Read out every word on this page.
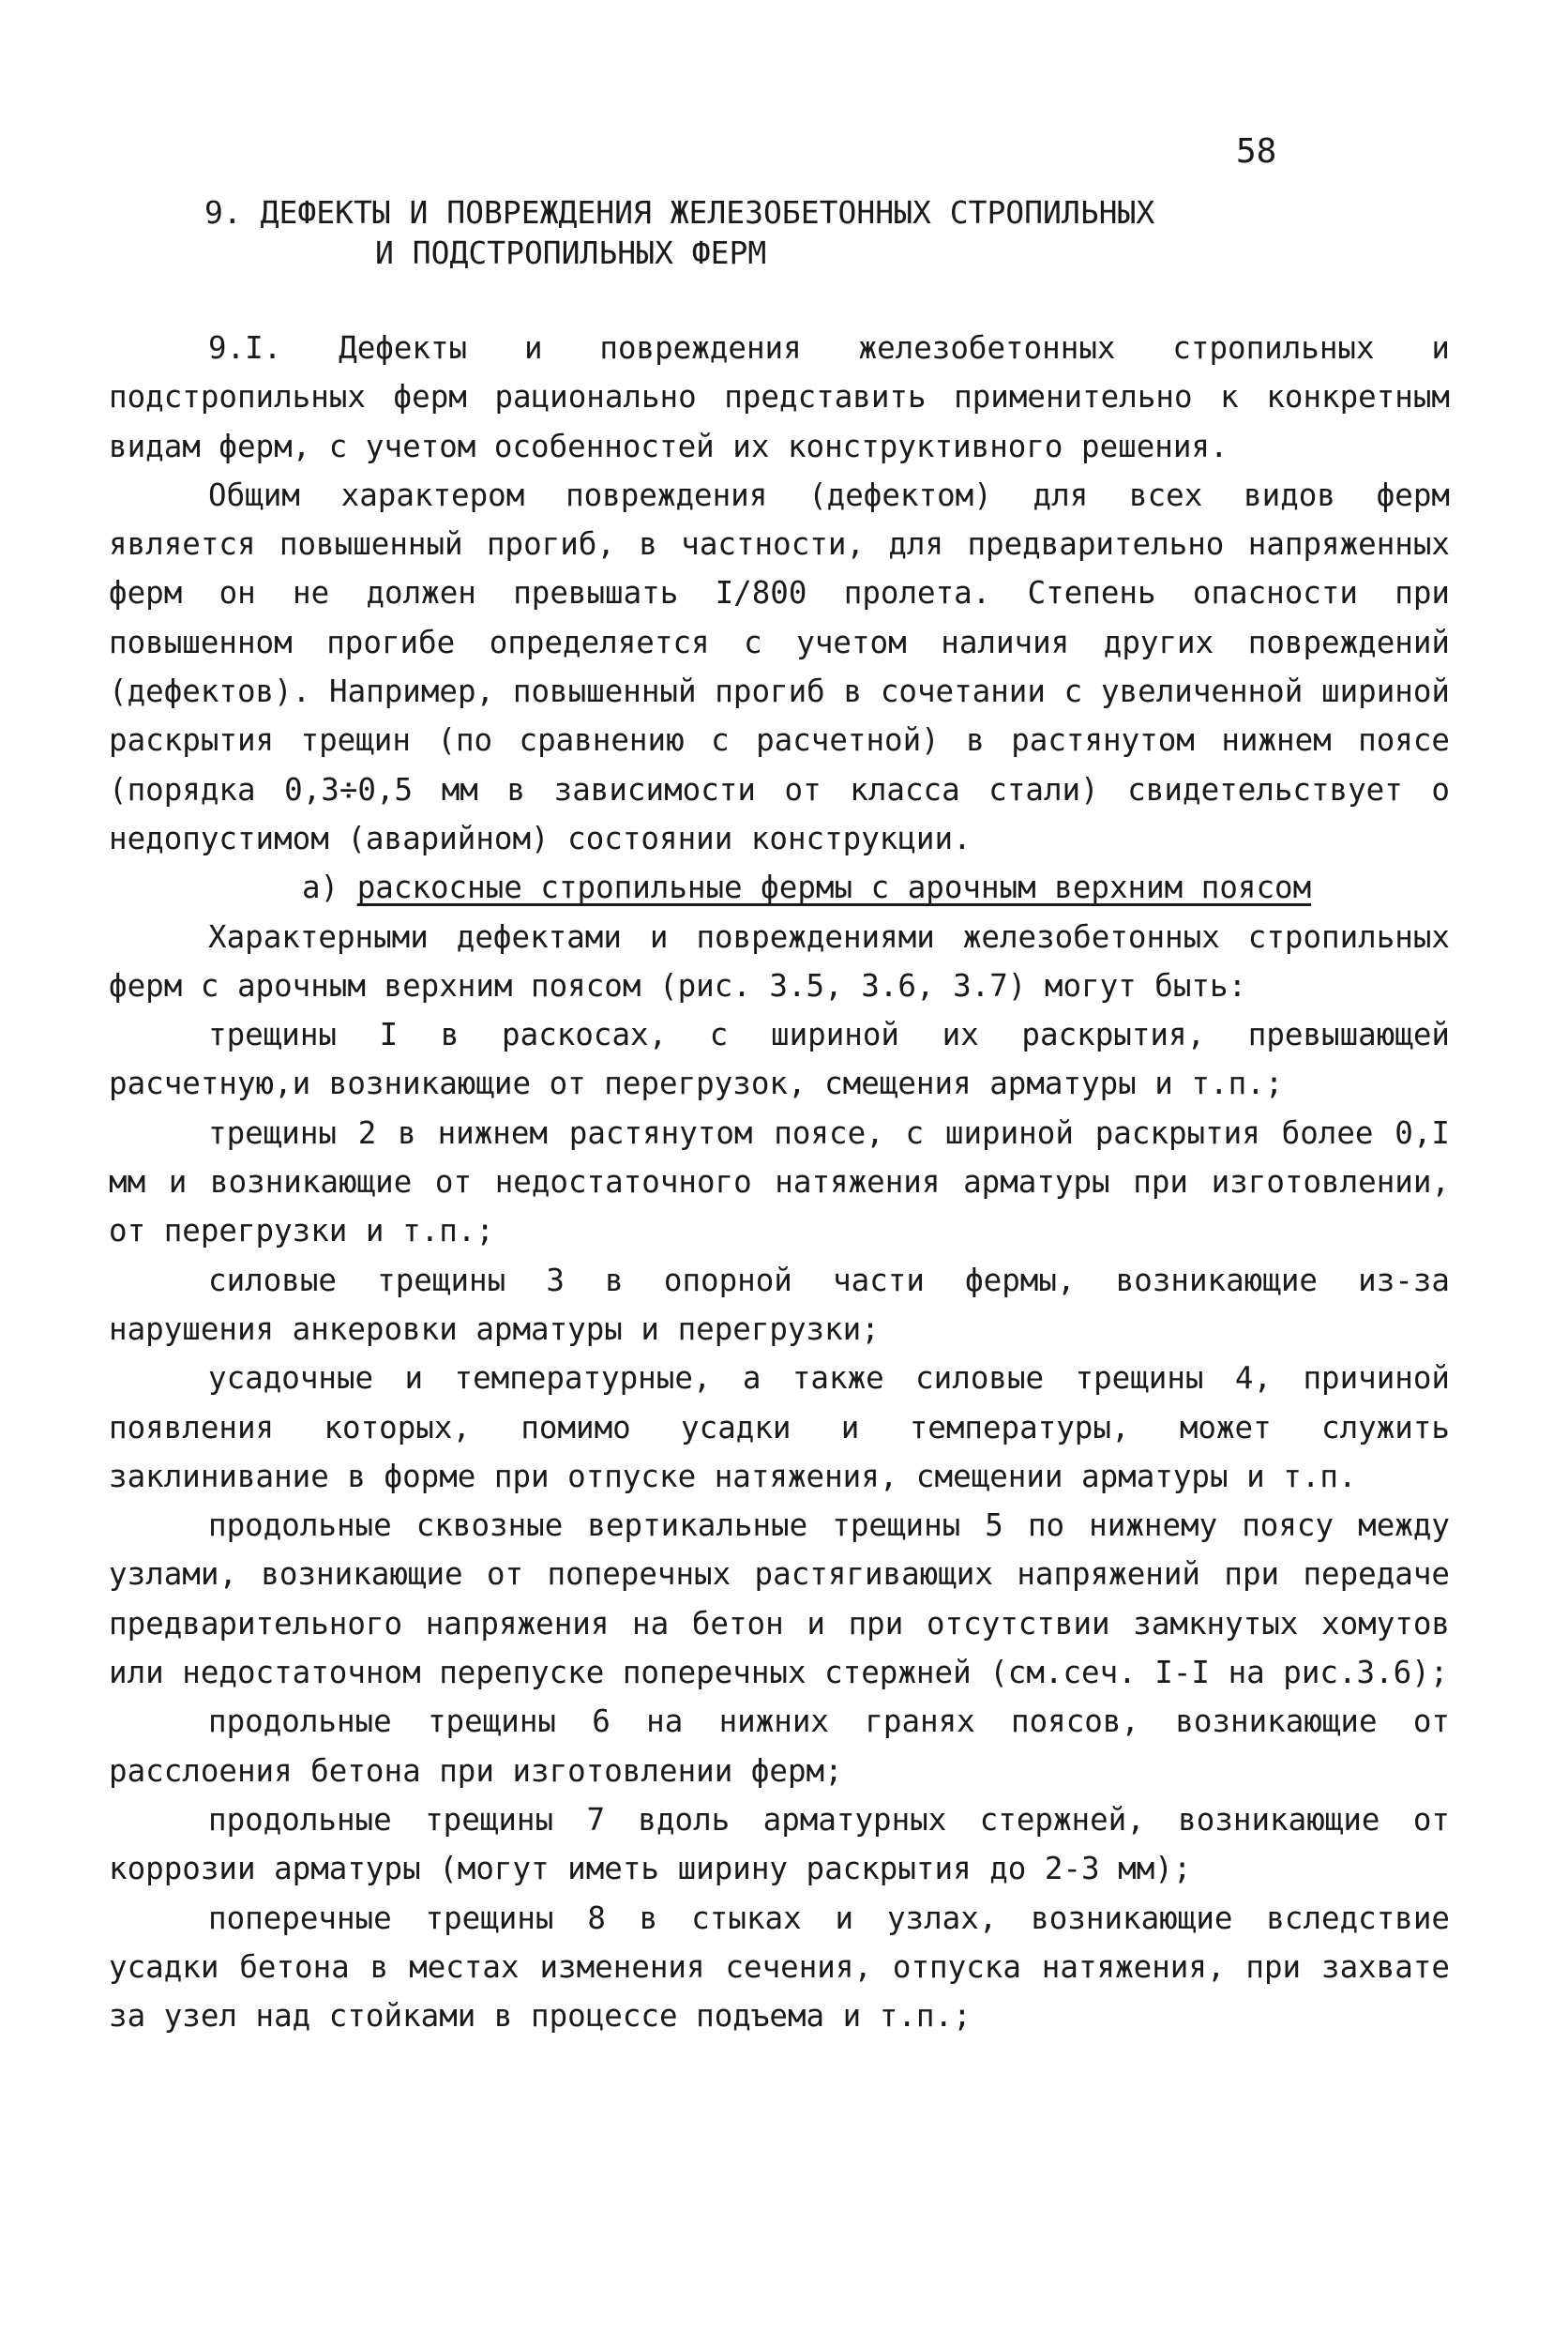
58
9. ДЕФЕКТЫ И ПОВРЕЖДЕНИЯ ЖЕЛЕЗОБЕТОННЫХ СТРОПИЛЬНЫХ
И ПОДСТРОПИЛЬНЫХ ФЕРМ

9.I. Дефекты и повреждения железобетонных стропильных и подстропильных ферм рационально представить применительно к конкретным видам ферм, с учетом особенностей их конструктивного решения.

Общим характером повреждения (дефектом) для всех видов ферм является повышенный прогиб, в частности, для предварительно напряженных ферм он не должен превышать I/800 пролета. Степень опасности при повышенном прогибе определяется с учетом наличия других повреждений (дефектов). Например, повышенный прогиб в сочетании с увеличенной шириной раскрытия трещин (по сравнению с расчетной) в растянутом нижнем поясе (порядка 0,3÷0,5 мм в зависимости от класса стали) свидетельствует о недопустимом (аварийном) состоянии конструкции.

а) раскосные стропильные фермы с арочным верхним поясом

Характерными дефектами и повреждениями железобетонных стропильных ферм с арочным верхним поясом (рис. 3.5, 3.6, 3.7) могут быть:

трещины I в раскосах, с шириной их раскрытия, превышающей расчетную,и возникающие от перегрузок, смещения арматуры и т.п.;

трещины 2 в нижнем растянутом поясе, с шириной раскрытия более 0,I мм и возникающие от недостаточного натяжения арматуры при изготовлении, от перегрузки и т.п.;

силовые трещины 3 в опорной части фермы, возникающие из-за нарушения анкеровки арматуры и перегрузки;

усадочные и температурные, а также силовые трещины 4, причиной появления которых, помимо усадки и температуры, может служить заклинивание в форме при отпуске натяжения, смещении арматуры и т.п.

продольные сквозные вертикальные трещины 5 по нижнему поясу между узлами, возникающие от поперечных растягивающих напряжений при передаче предварительного напряжения на бетон и при отсутствии замкнутых хомутов или недостаточном перепуске поперечных стержней (см.сеч. I-I на рис.3.6);

продольные трещины 6 на нижних гранях поясов, возникающие от расслоения бетона при изготовлении ферм;

продольные трещины 7 вдоль арматурных стержней, возникающие от коррозии арматуры (могут иметь ширину раскрытия до 2-3 мм);

поперечные трещины 8 в стыках и узлах, возникающие вследствие усадки бетона в местах изменения сечения, отпуска натяжения, при захвате за узел над стойками в процессе подъема и т.п.;
